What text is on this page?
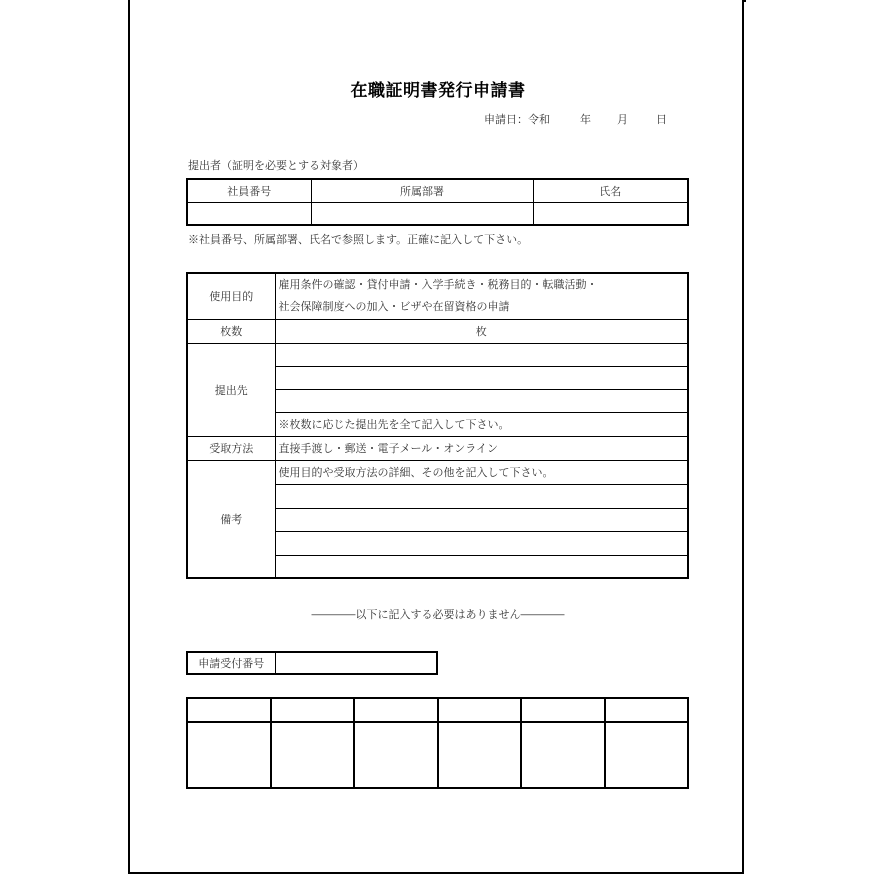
在職証明書発行申請書
申請日：令和	年 月	日
提出者（証明を必要とする対象者）
社員番号	所属部署	氏名

※社員番号、所属部署、氏名で参照します。正確に記入して下さい。
使用目的	雇用条件の確認・貸付申請・入学手続き・税務目的・転職活動・
社会保障制度への加入・ビザや在留資格の申請

枚数	枚
提出先	

	※枚数に応じた提出先を全て記入して下さい。
受取方法	直接手渡し・郵送・電子メール・オンライン
備考	使用目的や受取方法の詳細、その他を記入して下さい。

――――以下に記入する必要はありません――――
申請受付番号	
